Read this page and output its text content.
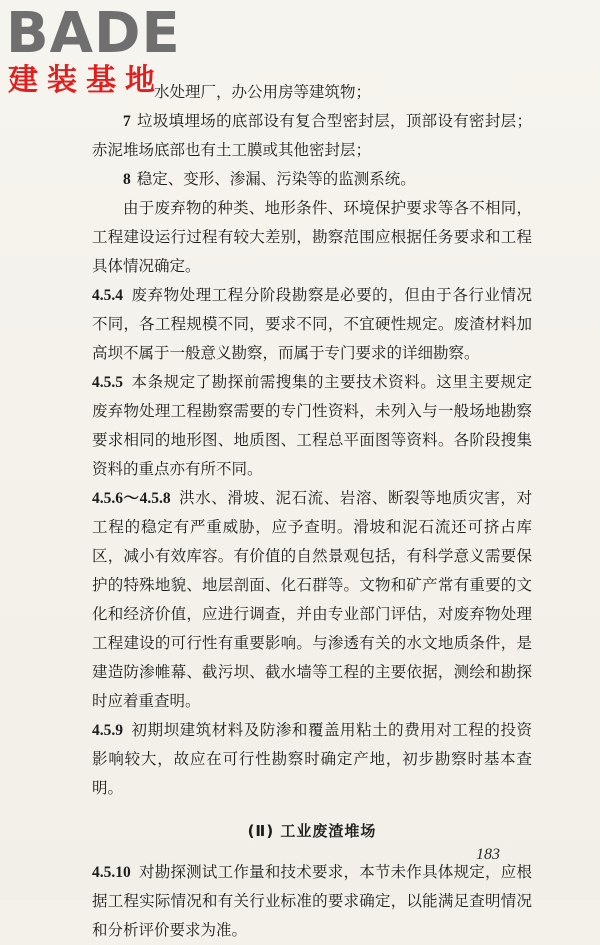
BADE
建装基地

水处理厂，办公用房等建筑物；

7 垃圾填埋场的底部设有复合型密封层，顶部设有密封层；赤泥堆场底部也有土工膜或其他密封层；

8 稳定、变形、渗漏、污染等的监测系统。

由于废弃物的种类、地形条件、环境保护要求等各不相同，工程建设运行过程有较大差别，勘察范围应根据任务要求和工程具体情况确定。

4.5.4 废弃物处理工程分阶段勘察是必要的，但由于各行业情况不同，各工程规模不同，要求不同，不宜硬性规定。废渣材料加高坝不属于一般意义勘察，而属于专门要求的详细勘察。

4.5.5 本条规定了勘探前需搜集的主要技术资料。这里主要规定废弃物处理工程勘察需要的专门性资料，未列入与一般场地勘察要求相同的地形图、地质图、工程总平面图等资料。各阶段搜集资料的重点亦有所不同。

4.5.6～4.5.8 洪水、滑坡、泥石流、岩溶、断裂等地质灾害，对工程的稳定有严重威胁，应予查明。滑坡和泥石流还可挤占库区，减小有效库容。有价值的自然景观包括，有科学意义需要保护的特殊地貌、地层剖面、化石群等。文物和矿产常有重要的文化和经济价值，应进行调查，并由专业部门评估，对废弃物处理工程建设的可行性有重要影响。与渗透有关的水文地质条件，是建造防渗帷幕、截污坝、截水墙等工程的主要依据，测绘和勘探时应着重查明。

4.5.9 初期坝建筑材料及防渗和覆盖用粘土的费用对工程的投资影响较大，故应在可行性勘察时确定产地，初步勘察时基本查明。

(Ⅱ) 工业废渣堆场

4.5.10 对勘探测试工作量和技术要求，本节未作具体规定，应根据工程实际情况和有关行业标准的要求确定，以能满足查明情况和分析评价要求为准。

183
